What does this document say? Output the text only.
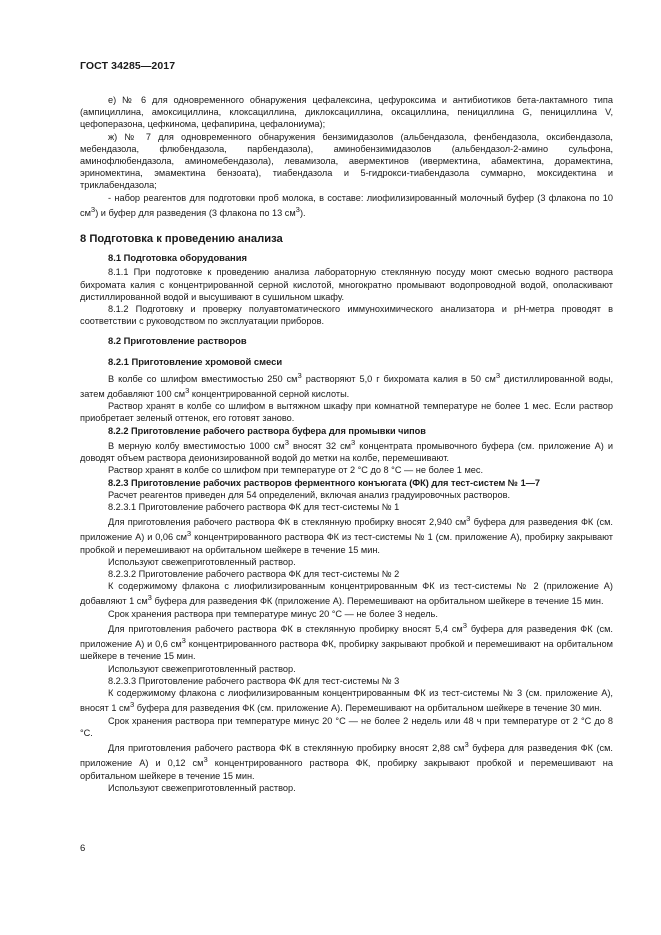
ГОСТ 34285—2017

е) № 6 для одновременного обнаружения цефалексина, цефуроксима и антибиотиков бета-лактамного типа (ампициллина, амоксициллина, клоксациллина, диклоксациллина, оксациллина, пенициллина G, пенициллина V, цефоперазона, цефкинома, цефапирина, цефалониума);

ж) № 7 для одновременного обнаружения бензимидазолов (альбендазола, фенбендазола, оксибендазола, мебендазола, флюбендазола, парбендазола), аминобензимидазолов (альбендазол-2-амино сульфона, аминофлюбендазола, аминомебендазола), левамизола, авермектинов (ивермектина, абамектина, дорамектина, эриномектина, эмамектина бензоата), тиабендазола и 5-гидрокси-тиабендазола суммарно, моксидектина и триклабендазола;

- набор реагентов для подготовки проб молока, в составе: лиофилизированный молочный буфер (3 флакона по 10 $см^3$) и буфер для разведения (3 флакона по 13 $см^3$).

8 Подготовка к проведению анализа
8.1 Подготовка оборудования

8.1.1 При подготовке к проведению анализа лабораторную стеклянную посуду моют смесью водного раствора бихромата калия с концентрированной серной кислотой, многократно промывают водопроводной водой, ополаскивают дистиллированной водой и высушивают в сушильном шкафу.

8.1.2 Подготовку и проверку полуавтоматического иммунохимического анализатора и pH-метра проводят в соответствии с руководством по эксплуатации приборов.

8.2 Приготовление растворов
8.2.1 Приготовление хромовой смеси

В колбе со шлифом вместимостью 250 $см^3$ растворяют 5,0 г бихромата калия в 50 $см^3$ дистиллированной воды, затем добавляют 100 $см^3$ концентрированной серной кислоты.

Раствор хранят в колбе со шлифом в вытяжном шкафу при комнатной температуре не более 1 мес. Если раствор приобретает зеленый оттенок, его готовят заново.

8.2.2 Приготовление рабочего раствора буфера для промывки чипов

В мерную колбу вместимостью 1000 $см^3$ вносят 32 $см^3$ концентрата промывочного буфера (см. приложение А) и доводят объем раствора деионизированной водой до метки на колбе, перемешивают.

Раствор хранят в колбе со шлифом при температуре от 2 °С до 8 °С — не более 1 мес.

8.2.3 Приготовление рабочих растворов ферментного конъюгата (ФК) для тест-систем № 1—7

Расчет реагентов приведен для 54 определений, включая анализ градуировочных растворов.

8.2.3.1 Приготовление рабочего раствора ФК для тест-системы № 1

Для приготовления рабочего раствора ФК в стеклянную пробирку вносят 2,940 $см^3$ буфера для разведения ФК (см. приложение А) и 0,06 $см^3$ концентрированного раствора ФК из тест-системы № 1 (см. приложение А), пробирку закрывают пробкой и перемешивают на орбитальном шейкере в течение 15 мин.

Используют свежеприготовленный раствор.

8.2.3.2 Приготовление рабочего раствора ФК для тест-системы № 2

К содержимому флакона с лиофилизированным концентрированным ФК из тест-системы № 2 (приложение А) добавляют 1 $см^3$ буфера для разведения ФК (приложение А). Перемешивают на орбитальном шейкере в течение 15 мин.

Срок хранения раствора при температуре минус 20 °С — не более 3 недель.

Для приготовления рабочего раствора ФК в стеклянную пробирку вносят 5,4 $см^3$ буфера для разведения ФК (см. приложение А) и 0,6 $см^3$ концентрированного раствора ФК, пробирку закрывают пробкой и перемешивают на орбитальном шейкере в течение 15 мин.

Используют свежеприготовленный раствор.

8.2.3.3 Приготовление рабочего раствора ФК для тест-системы № 3

К содержимому флакона с лиофилизированным концентрированным ФК из тест-системы № 3 (см. приложение А), вносят 1 $см^3$ буфера для разведения ФК (см. приложение А). Перемешивают на орбитальном шейкере в течение 30 мин.

Срок хранения раствора при температуре минус 20 °С — не более 2 недель или 48 ч при температуре от 2 °С до 8 °С.

Для приготовления рабочего раствора ФК в стеклянную пробирку вносят 2,88 $см^3$ буфера для разведения ФК (см. приложение А) и 0,12 $см^3$ концентрированного раствора ФК, пробирку закрывают пробкой и перемешивают на орбитальном шейкере в течение 15 мин.

Используют свежеприготовленный раствор.

6
